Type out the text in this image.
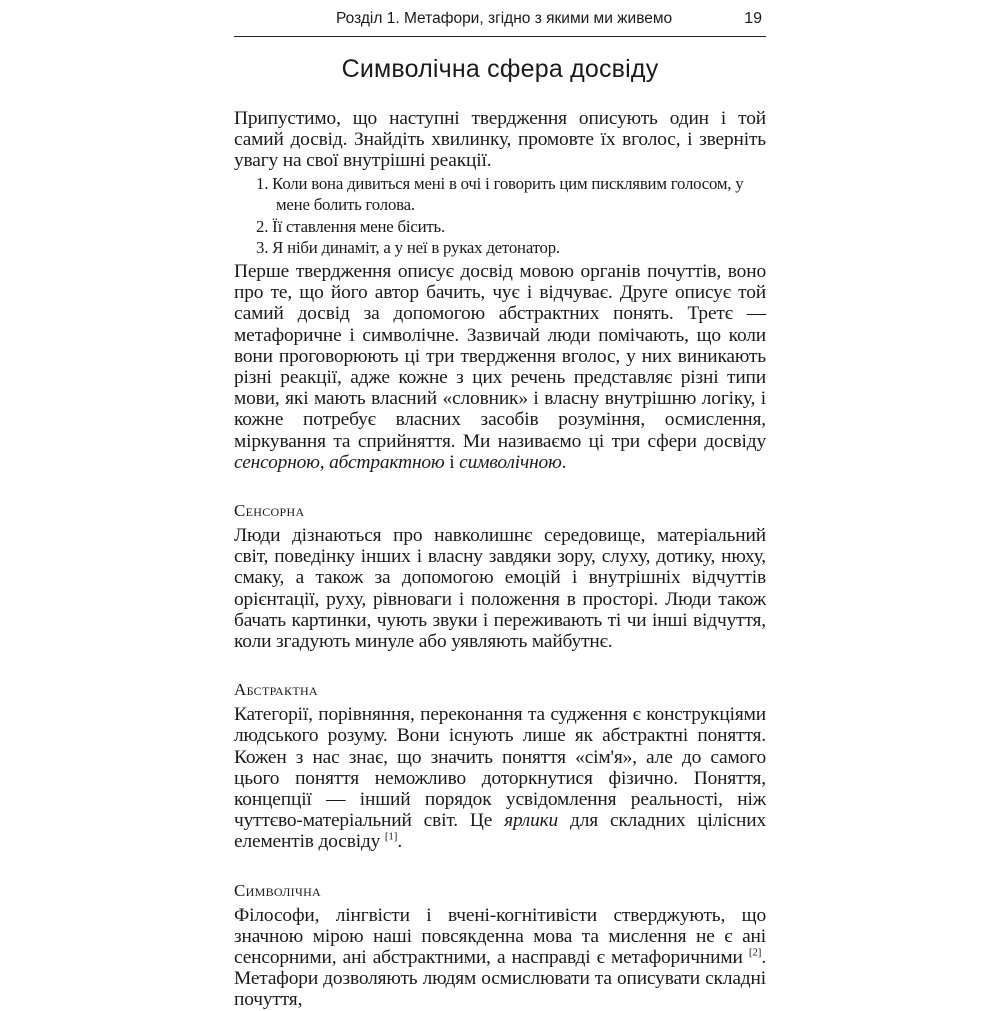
Розділ 1. Метафори, згідно з якими ми живемо	19
Символічна сфера досвіду

Припустимо, що наступні твердження описують один і той самий досвід. Знайдіть хвилинку, промовте їх вголос, і зверніть увагу на свої внутрішні реакції.

1. Коли вона дивиться мені в очі і говорить цим писклявим голосом, у мене болить голова.
2. Її ставлення мене бісить.
3. Я ніби динаміт, а у неї в руках детонатор.

Перше твердження описує досвід мовою органів почуттів, воно про те, що його автор бачить, чує і відчуває. Друге описує той самий досвід за допомогою абстрактних понять. Третє — метафоричне і символічне. Зазвичай люди помічають, що коли вони проговорюють ці три твердження вголос, у них виникають різні реакції, адже кожне з цих речень представляє різні типи мови, які мають власний «словник» і власну внутрішню логіку, і кожне потребує власних засобів розуміння, осмислення, міркування та сприйняття. Ми називаємо ці три сфери досвіду сенсорною, абстрактною і символічною.

Сенсорна

Люди дізнаються про навколишнє середовище, матеріальний світ, поведінку інших і власну завдяки зору, слуху, дотику, нюху, смаку, а також за допомогою емоцій і внутрішніх відчуттів орієнтації, руху, рівноваги і положення в просторі. Люди також бачать картинки, чують звуки і переживають ті чи інші відчуття, коли згадують минуле або уявляють майбутнє.

Абстрактна

Категорії, порівняння, переконання та судження є конструкціями людського розуму. Вони існують лише як абстрактні поняття. Кожен з нас знає, що значить поняття «сім'я», але до самого цього поняття неможливо доторкнутися фізично. Поняття, концепції — інший порядок усвідомлення реальності, ніж чуттєво-матеріальний світ. Це ярлики для складних цілісних елементів досвіду [1].

Символічна

Філософи, лінгвісти і вчені-когнітивісти стверджують, що значною мірою наші повсякденна мова та мислення не є ані сенсорними, ані абстрактними, а насправді є метафоричними [2]. Метафори дозволяють людям осмислювати та описувати складні почуття,
